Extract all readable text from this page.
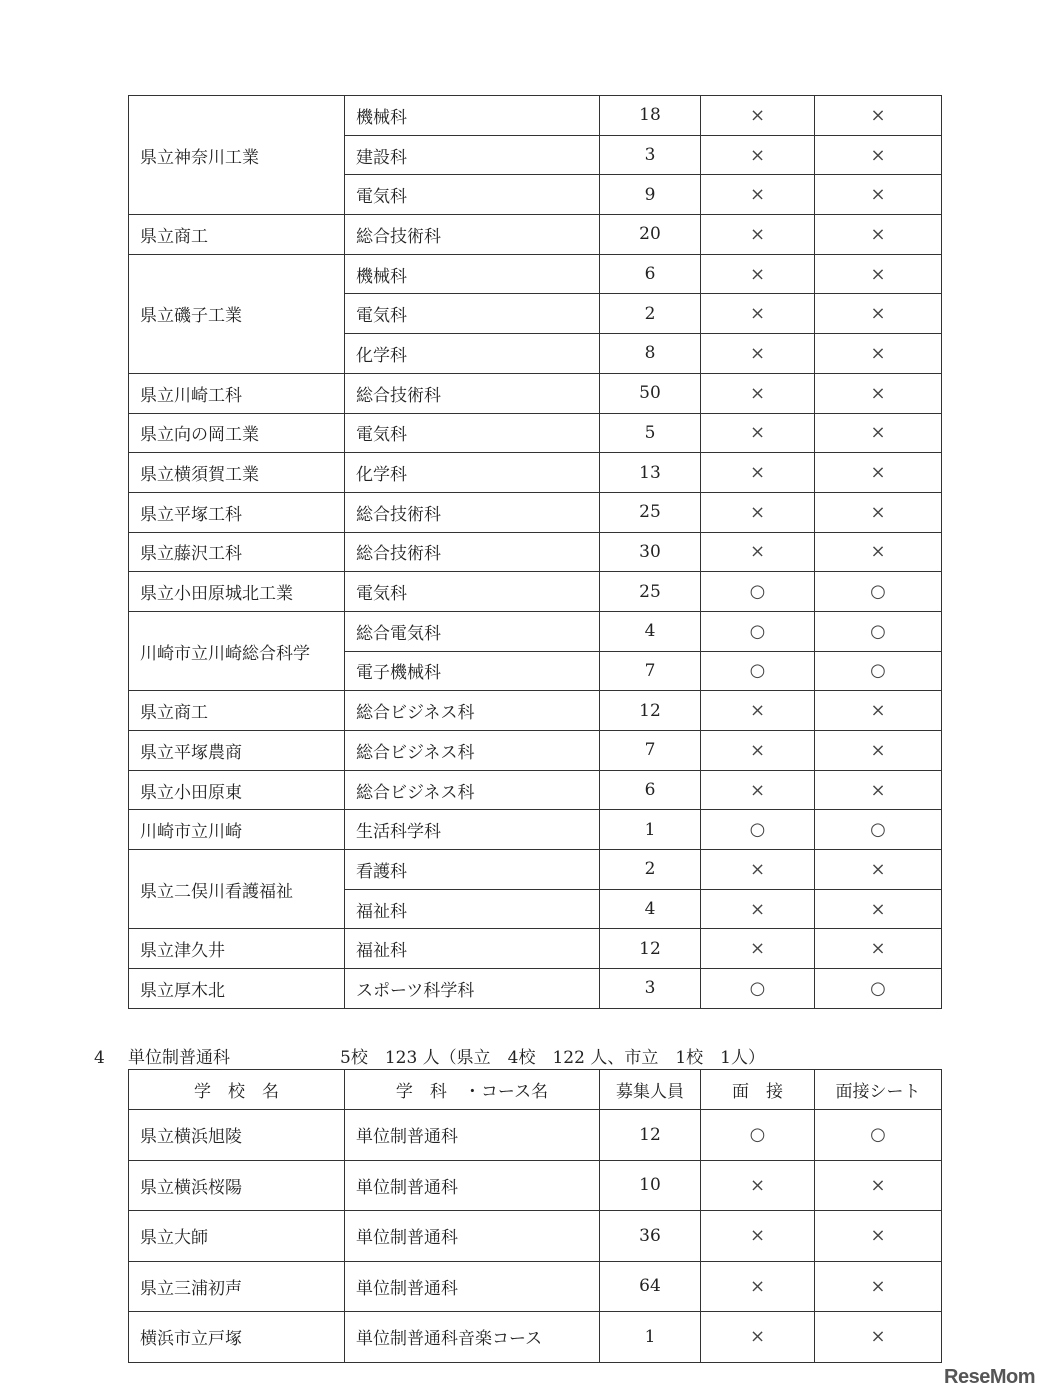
県立神奈川工業	機械科	18	×	×
	建設科	3	×	×
	電気科	9	×	×
県立商工	総合技術科	20	×	×
県立磯子工業	機械科	6	×	×
	電気科	2	×	×
	化学科	8	×	×
県立川崎工科	総合技術科	50	×	×
県立向の岡工業	電気科	5	×	×
県立横須賀工業	化学科	13	×	×
県立平塚工科	総合技術科	25	×	×
県立藤沢工科	総合技術科	30	×	×
県立小田原城北工業	電気科	25	○	○
川崎市立川崎総合科学	総合電気科	4	○	○
	電子機械科	7	○	○
県立商工	総合ビジネス科	12	×	×
県立平塚農商	総合ビジネス科	7	×	×
県立小田原東	総合ビジネス科	6	×	×
川崎市立川崎	生活科学科	1	○	○
県立二俣川看護福祉	看護科	2	×	×
	福祉科	4	×	×
県立津久井	福祉科	12	×	×
県立厚木北	スポーツ科学科	3	○	○
4 単位制普通科	5校　123 人（県立　4校　122 人、市立　1校　1人）
学　校　名	学　科　・コース名	募集人員	面　接	面接シート
県立横浜旭陵	単位制普通科	12	○	○
県立横浜桜陽	単位制普通科	10	×	×
県立大師	単位制普通科	36	×	×
県立三浦初声	単位制普通科	64	×	×
横浜市立戸塚	単位制普通科音楽コース	1	×	×
ReseMom
